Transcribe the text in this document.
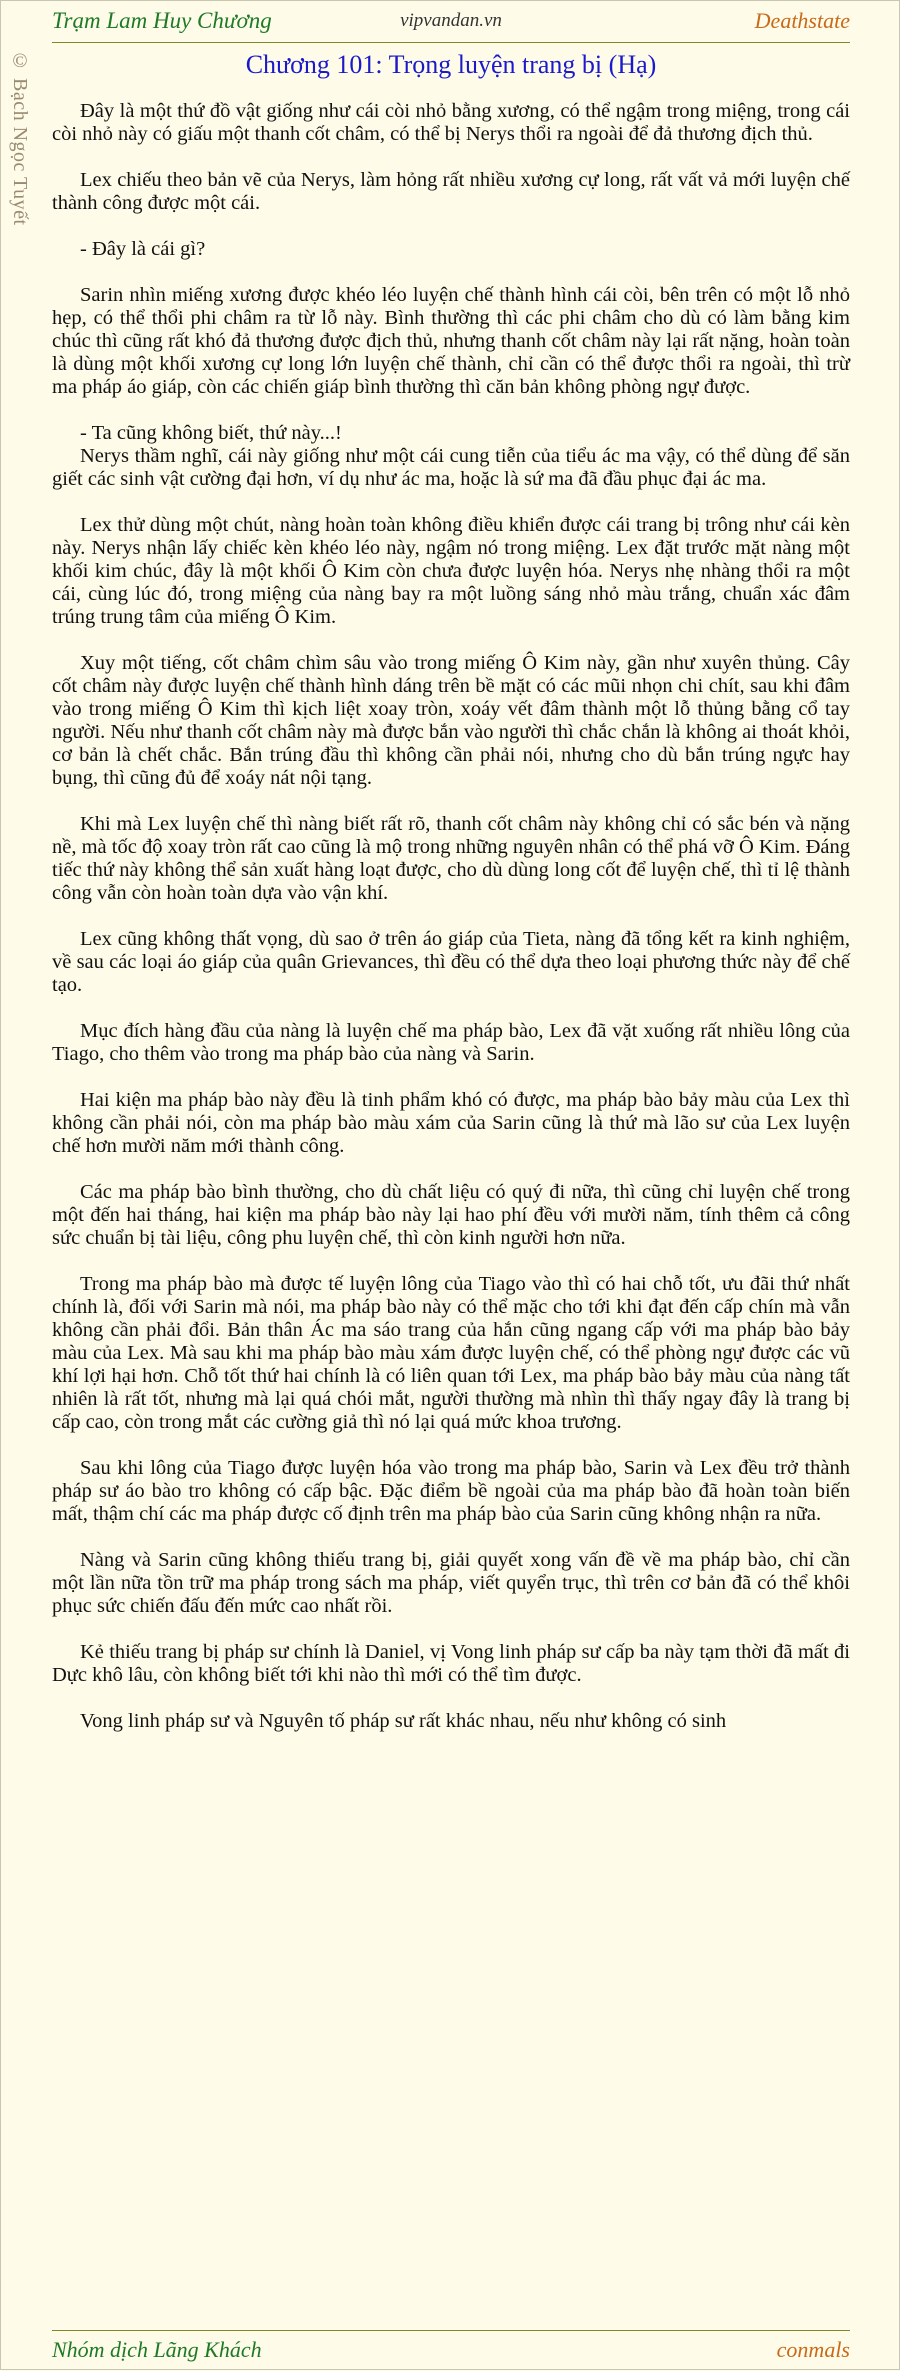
Trạm Lam Huy Chương	vipvandan.vn	Deathstate
© Bạch Ngọc Tuyết	Chương 101: Trọng luyện trang bị (Hạ)

Đây là một thứ đồ vật giống như cái còi nhỏ bằng xương, có thể ngậm trong miệng, trong cái còi nhỏ này có giấu một thanh cốt châm, có thể bị Nerys thổi ra ngoài để đả thương địch thủ.

Lex chiếu theo bản vẽ của Nerys, làm hỏng rất nhiều xương cự long, rất vất vả mới luyện chế thành công được một cái.

- Đây là cái gì?

Sarin nhìn miếng xương được khéo léo luyện chế thành hình cái còi, bên trên có một lỗ nhỏ hẹp, có thể thổi phi châm ra từ lỗ này. Bình thường thì các phi châm cho dù có làm bằng kim chúc thì cũng rất khó đả thương được địch thủ, nhưng thanh cốt châm này lại rất nặng, hoàn toàn là dùng một khối xương cự long lớn luyện chế thành, chỉ cần có thể được thổi ra ngoài, thì trừ ma pháp áo giáp, còn các chiến giáp bình thường thì căn bản không phòng ngự được.

- Ta cũng không biết, thứ này...!

Nerys thầm nghĩ, cái này giống như một cái cung tiễn của tiểu ác ma vậy, có thể dùng để săn giết các sinh vật cường đại hơn, ví dụ như ác ma, hoặc là sứ ma đã đầu phục đại ác ma.

Lex thử dùng một chút, nàng hoàn toàn không điều khiển được cái trang bị trông như cái kèn này. Nerys nhận lấy chiếc kèn khéo léo này, ngậm nó trong miệng. Lex đặt trước mặt nàng một khối kim chúc, đây là một khối Ô Kim còn chưa được luyện hóa. Nerys nhẹ nhàng thổi ra một cái, cùng lúc đó, trong miệng của nàng bay ra một luồng sáng nhỏ màu trắng, chuẩn xác đâm trúng trung tâm của miếng Ô Kim.

Xuy một tiếng, cốt châm chìm sâu vào trong miếng Ô Kim này, gần như xuyên thủng. Cây cốt châm này được luyện chế thành hình dáng trên bề mặt có các mũi nhọn chi chít, sau khi đâm vào trong miếng Ô Kim thì kịch liệt xoay tròn, xoáy vết đâm thành một lỗ thủng bằng cổ tay người. Nếu như thanh cốt châm này mà được bắn vào người thì chắc chắn là không ai thoát khỏi, cơ bản là chết chắc. Bắn trúng đầu thì không cần phải nói, nhưng cho dù bắn trúng ngực hay bụng, thì cũng đủ để xoáy nát nội tạng.

Khi mà Lex luyện chế thì nàng biết rất rõ, thanh cốt châm này không chỉ có sắc bén và nặng nề, mà tốc độ xoay tròn rất cao cũng là mộ trong những nguyên nhân có thể phá vỡ Ô Kim. Đáng tiếc thứ này không thể sản xuất hàng loạt được, cho dù dùng long cốt để luyện chế, thì tỉ lệ thành công vẫn còn hoàn toàn dựa vào vận khí.

Lex cũng không thất vọng, dù sao ở trên áo giáp của Tieta, nàng đã tổng kết ra kinh nghiệm, về sau các loại áo giáp của quân Grievances, thì đều có thể dựa theo loại phương thức này để chế tạo.

Mục đích hàng đầu của nàng là luyện chế ma pháp bào, Lex đã vặt xuống rất nhiều lông của Tiago, cho thêm vào trong ma pháp bào của nàng và Sarin.

Hai kiện ma pháp bào này đều là tinh phẩm khó có được, ma pháp bào bảy màu của Lex thì không cần phải nói, còn ma pháp bào màu xám của Sarin cũng là thứ mà lão sư của Lex luyện chế hơn mười năm mới thành công.

Các ma pháp bào bình thường, cho dù chất liệu có quý đi nữa, thì cũng chỉ luyện chế trong một đến hai tháng, hai kiện ma pháp bào này lại hao phí đều với mười năm, tính thêm cả công sức chuẩn bị tài liệu, công phu luyện chế, thì còn kinh người hơn nữa.

Trong ma pháp bào mà được tế luyện lông của Tiago vào thì có hai chỗ tốt, ưu đãi thứ nhất chính là, đối với Sarin mà nói, ma pháp bào này có thể mặc cho tới khi đạt đến cấp chín mà vẫn không cần phải đổi. Bản thân Ác ma sáo trang của hắn cũng ngang cấp với ma pháp bào bảy màu của Lex. Mà sau khi ma pháp bào màu xám được luyện chế, có thể phòng ngự được các vũ khí lợi hại hơn. Chỗ tốt thứ hai chính là có liên quan tới Lex, ma pháp bào bảy màu của nàng tất nhiên là rất tốt, nhưng mà lại quá chói mắt, người thường mà nhìn thì thấy ngay đây là trang bị cấp cao, còn trong mắt các cường giả thì nó lại quá mức khoa trương.

Sau khi lông của Tiago được luyện hóa vào trong ma pháp bào, Sarin và Lex đều trở thành pháp sư áo bào tro không có cấp bậc. Đặc điểm bề ngoài của ma pháp bào đã hoàn toàn biến mất, thậm chí các ma pháp được cố định trên ma pháp bào của Sarin cũng không nhận ra nữa.

Nàng và Sarin cũng không thiếu trang bị, giải quyết xong vấn đề về ma pháp bào, chỉ cần một lần nữa tồn trữ ma pháp trong sách ma pháp, viết quyển trục, thì trên cơ bản đã có thể khôi phục sức chiến đấu đến mức cao nhất rồi.

Kẻ thiếu trang bị pháp sư chính là Daniel, vị Vong linh pháp sư cấp ba này tạm thời đã mất đi Dực khô lâu, còn không biết tới khi nào thì mới có thể tìm được.

Vong linh pháp sư và Nguyên tố pháp sư rất khác nhau, nếu như không có sinh

Nhóm dịch Lãng Khách	conmals
